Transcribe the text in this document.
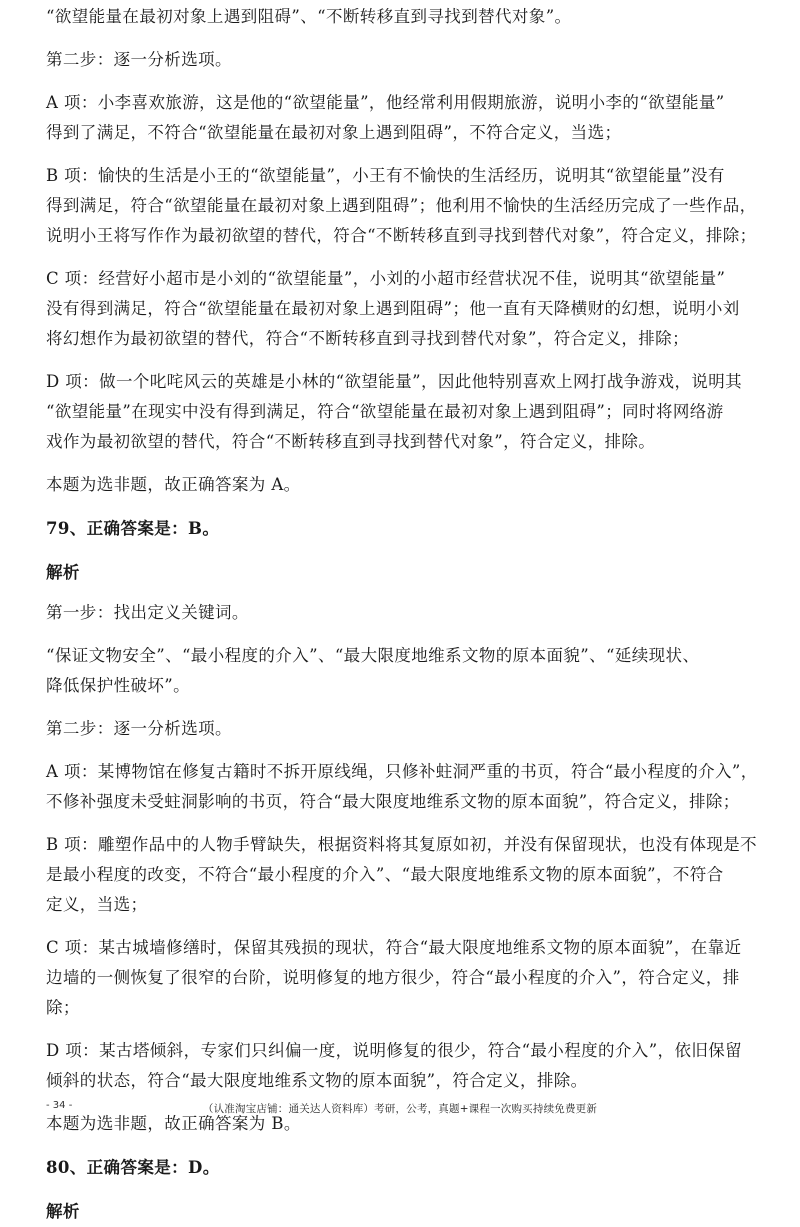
“欲望能量在最初对象上遇到阻碍”、“不断转移直到寻找到替代对象”。
第二步：逐一分析选项。
A 项：小李喜欢旅游，这是他的“欲望能量”，他经常利用假期旅游，说明小李的“欲望能量”
得到了满足，不符合“欲望能量在最初对象上遇到阻碍”，不符合定义，当选；
B 项：愉快的生活是小王的“欲望能量”，小王有不愉快的生活经历，说明其“欲望能量”没有
得到满足，符合“欲望能量在最初对象上遇到阻碍”；他利用不愉快的生活经历完成了一些作品，
说明小王将写作作为最初欲望的替代，符合“不断转移直到寻找到替代对象”，符合定义，排除；
C 项：经营好小超市是小刘的“欲望能量”，小刘的小超市经营状况不佳，说明其“欲望能量”
没有得到满足，符合“欲望能量在最初对象上遇到阻碍”；他一直有天降横财的幻想，说明小刘
将幻想作为最初欲望的替代，符合“不断转移直到寻找到替代对象”，符合定义，排除；
D 项：做一个叱咤风云的英雄是小林的“欲望能量”，因此他特别喜欢上网打战争游戏，说明其
“欲望能量”在现实中没有得到满足，符合“欲望能量在最初对象上遇到阻碍”；同时将网络游
戏作为最初欲望的替代，符合“不断转移直到寻找到替代对象”，符合定义，排除。
本题为选非题，故正确答案为 A。
79、正确答案是：B。
解析
第一步：找出定义关键词。
“保证文物安全”、“最小程度的介入”、“最大限度地维系文物的原本面貌”、“延续现状、
降低保护性破坏”。
第二步：逐一分析选项。
A 项：某博物馆在修复古籍时不拆开原线绳，只修补蛀洞严重的书页，符合“最小程度的介入”，
不修补强度未受蛀洞影响的书页，符合“最大限度地维系文物的原本面貌”，符合定义，排除；
B 项：雕塑作品中的人物手臂缺失，根据资料将其复原如初，并没有保留现状，也没有体现是不
是最小程度的改变，不符合“最小程度的介入”、“最大限度地维系文物的原本面貌”，不符合
定义，当选；
C 项：某古城墙修缮时，保留其残损的现状，符合“最大限度地维系文物的原本面貌”，在靠近
边墙的一侧恢复了很窄的台阶，说明修复的地方很少，符合“最小程度的介入”，符合定义，排
除；
D 项：某古塔倾斜，专家们只纠偏一度，说明修复的很少，符合“最小程度的介入”，依旧保留
倾斜的状态，符合“最大限度地维系文物的原本面貌”，符合定义，排除。
本题为选非题，故正确答案为 B。
80、正确答案是：D。
解析
- 34 -	（认准淘宝店铺：通关达人资料库）考研，公考，真题+课程一次购买持续免费更新
